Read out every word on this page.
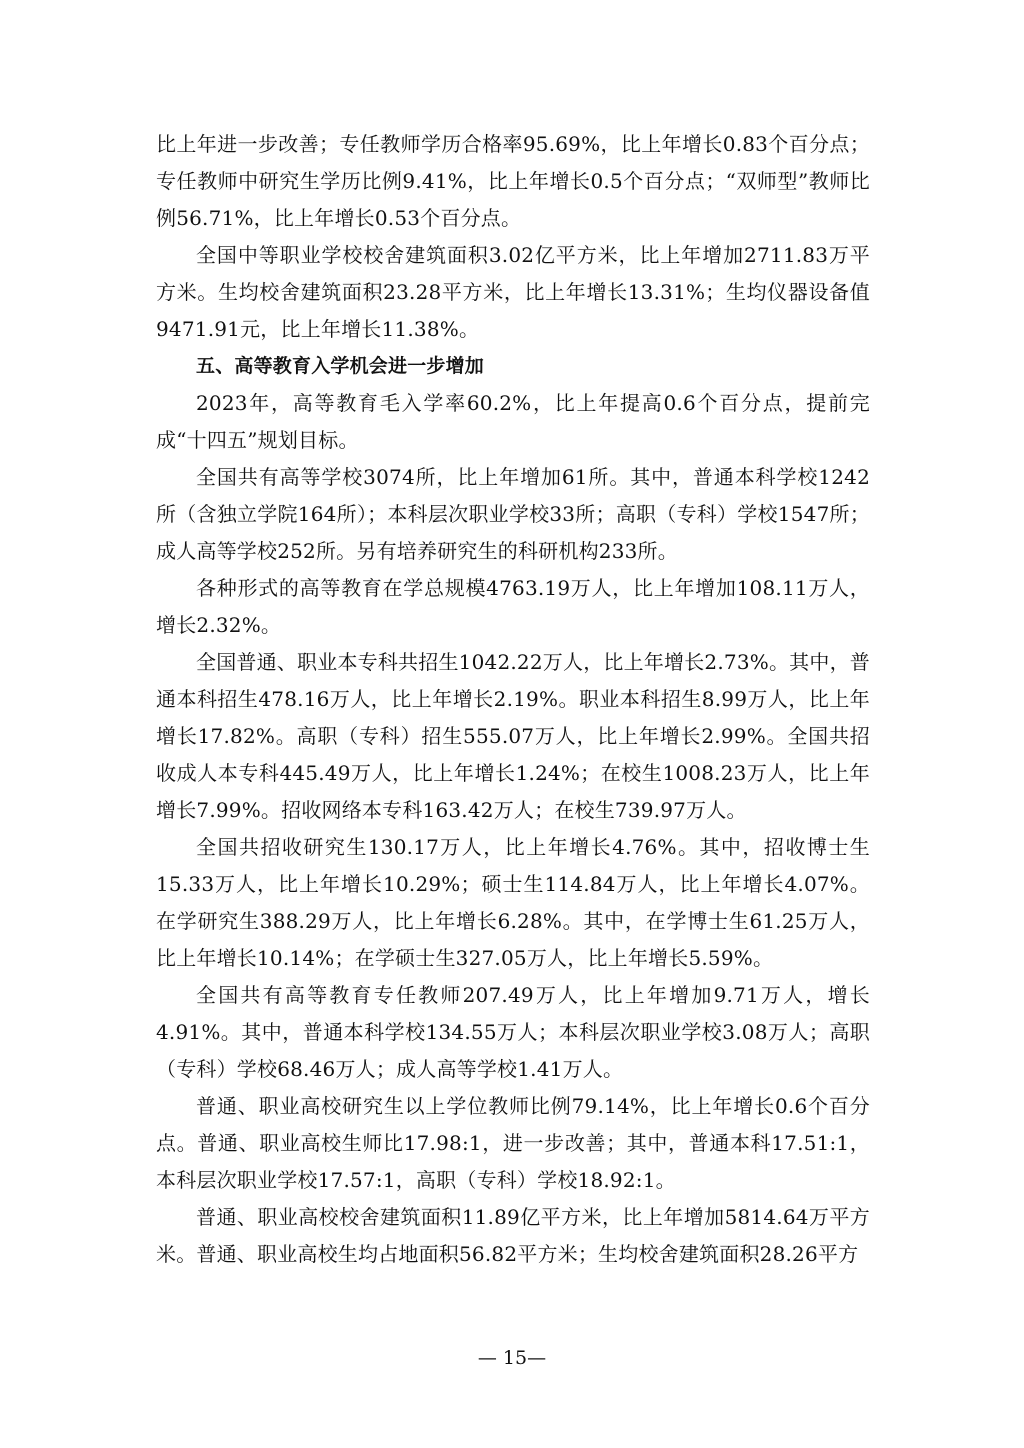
比上年进一步改善；专任教师学历合格率95.69%，比上年增长0.83个百分点；专任教师中研究生学历比例9.41%，比上年增长0.5个百分点；“双师型”教师比例56.71%，比上年增长0.53个百分点。

全国中等职业学校校舍建筑面积3.02亿平方米，比上年增加2711.83万平方米。生均校舍建筑面积23.28平方米，比上年增长13.31%；生均仪器设备值9471.91元，比上年增长11.38%。

五、高等教育入学机会进一步增加

2023年，高等教育毛入学率60.2%，比上年提高0.6个百分点，提前完成“十四五”规划目标。

全国共有高等学校3074所，比上年增加61所。其中，普通本科学校1242所（含独立学院164所）；本科层次职业学校33所；高职（专科）学校1547所；成人高等学校252所。另有培养研究生的科研机构233所。

各种形式的高等教育在学总规模4763.19万人，比上年增加108.11万人，增长2.32%。

全国普通、职业本专科共招生1042.22万人，比上年增长2.73%。其中，普通本科招生478.16万人，比上年增长2.19%。职业本科招生8.99万人，比上年增长17.82%。高职（专科）招生555.07万人，比上年增长2.99%。全国共招收成人本专科445.49万人，比上年增长1.24%；在校生1008.23万人，比上年增长7.99%。招收网络本专科163.42万人；在校生739.97万人。

全国共招收研究生130.17万人，比上年增长4.76%。其中，招收博士生15.33万人，比上年增长10.29%；硕士生114.84万人，比上年增长4.07%。在学研究生388.29万人，比上年增长6.28%。其中，在学博士生61.25万人，比上年增长10.14%；在学硕士生327.05万人，比上年增长5.59%。

全国共有高等教育专任教师207.49万人，比上年增加9.71万人，增长4.91%。其中，普通本科学校134.55万人；本科层次职业学校3.08万人；高职（专科）学校68.46万人；成人高等学校1.41万人。

普通、职业高校研究生以上学位教师比例79.14%，比上年增长0.6个百分点。普通、职业高校生师比17.98:1，进一步改善；其中，普通本科17.51:1，本科层次职业学校17.57:1，高职（专科）学校18.92:1。

普通、职业高校校舍建筑面积11.89亿平方米，比上年增加5814.64万平方米。普通、职业高校生均占地面积56.82平方米；生均校舍建筑面积28.26平方

— 15—
